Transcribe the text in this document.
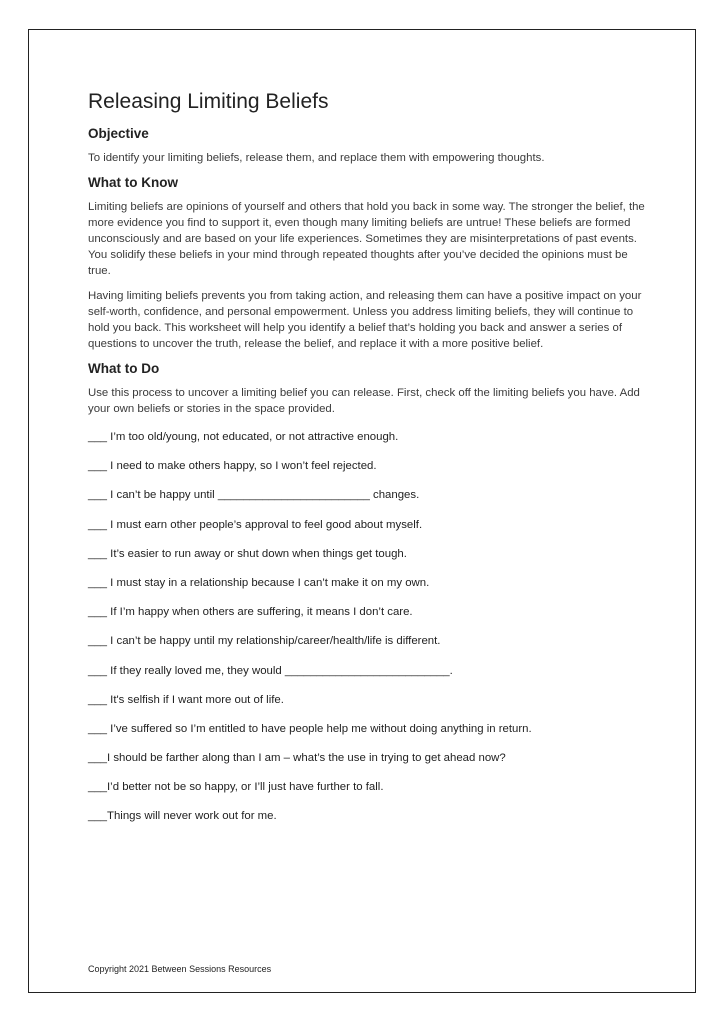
Releasing Limiting Beliefs
Objective

To identify your limiting beliefs, release them, and replace them with empowering thoughts.

What to Know

Limiting beliefs are opinions of yourself and others that hold you back in some way. The stronger the belief, the more evidence you find to support it, even though many limiting beliefs are untrue! These beliefs are formed unconsciously and are based on your life experiences. Sometimes they are misinterpretations of past events. You solidify these beliefs in your mind through repeated thoughts after you’ve decided the opinions must be true.

Having limiting beliefs prevents you from taking action, and releasing them can have a positive impact on your self-worth, confidence, and personal empowerment. Unless you address limiting beliefs, they will continue to hold you back. This worksheet will help you identify a belief that’s holding you back and answer a series of questions to uncover the truth, release the belief, and replace it with a more positive belief.

What to Do

Use this process to uncover a limiting belief you can release. First, check off the limiting beliefs you have. Add your own beliefs or stories in the space provided.

___ I’m too old/young, not educated, or not attractive enough.
___ I need to make others happy, so I won’t feel rejected.
___ I can’t be happy until ________________________ changes.
___ I must earn other people’s approval to feel good about myself.
___ It’s easier to run away or shut down when things get tough.
___ I must stay in a relationship because I can’t make it on my own.
___ If I’m happy when others are suffering, it means I don’t care.
___ I can’t be happy until my relationship/career/health/life is different.
___ If they really loved me, they would __________________________.
___ It's selfish if I want more out of life.
___ I’ve suffered so I’m entitled to have people help me without doing anything in return.
___I should be farther along than I am – what’s the use in trying to get ahead now?
___I’d better not be so happy, or I’ll just have further to fall.
___Things will never work out for me.
Copyright 2021 Between Sessions Resources
